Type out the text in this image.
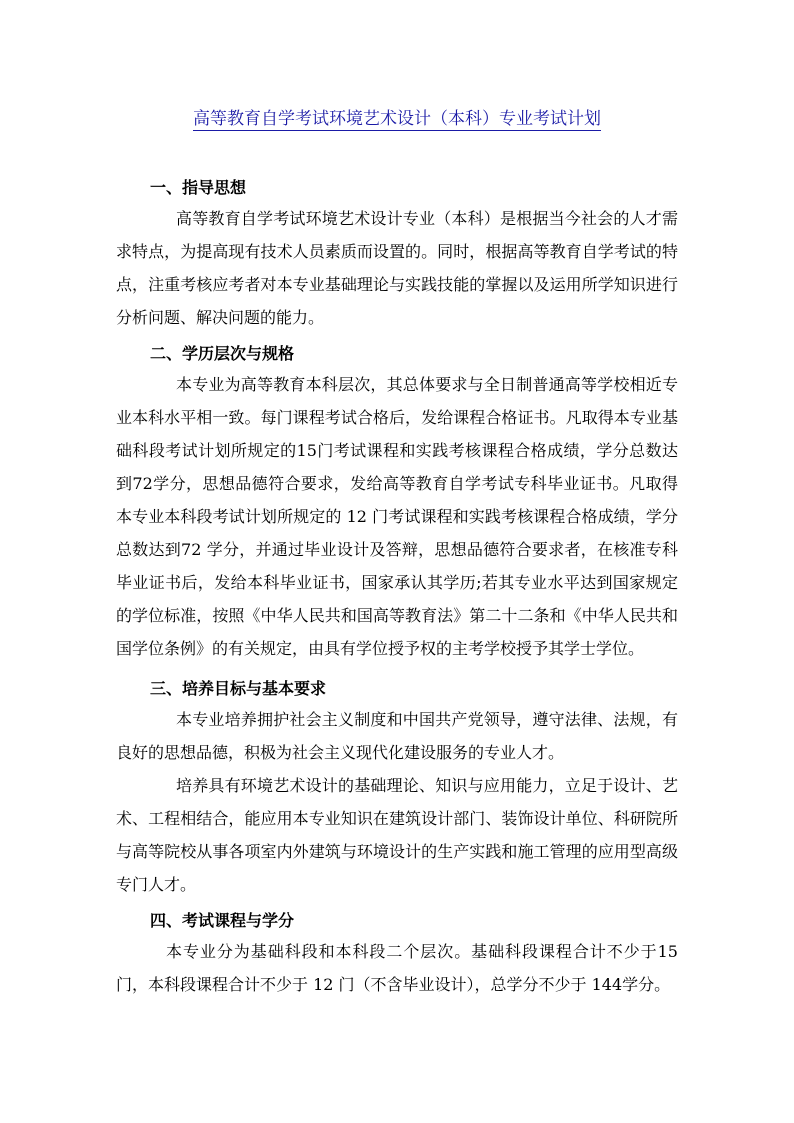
高等教育自学考试环境艺术设计（本科）专业考试计划
一、指导思想

高等教育自学考试环境艺术设计专业（本科）是根据当今社会的人才需求特点，为提高现有技术人员素质而设置的。同时，根据高等教育自学考试的特点，注重考核应考者对本专业基础理论与实践技能的掌握以及运用所学知识进行分析问题、解决问题的能力。

二、学历层次与规格

本专业为高等教育本科层次，其总体要求与全日制普通高等学校相近专业本科水平相一致。每门课程考试合格后，发给课程合格证书。凡取得本专业基础科段考试计划所规定的15门考试课程和实践考核课程合格成绩，学分总数达到72学分，思想品德符合要求，发给高等教育自学考试专科毕业证书。凡取得本专业本科段考试计划所规定的 12 门考试课程和实践考核课程合格成绩，学分总数达到72 学分，并通过毕业设计及答辩，思想品德符合要求者，在核准专科毕业证书后，发给本科毕业证书，国家承认其学历;若其专业水平达到国家规定的学位标准，按照《中华人民共和国高等教育法》第二十二条和《中华人民共和国学位条例》的有关规定，由具有学位授予权的主考学校授予其学士学位。

三、培养目标与基本要求

本专业培养拥护社会主义制度和中国共产党领导，遵守法律、法规，有良好的思想品德，积极为社会主义现代化建设服务的专业人才。

培养具有环境艺术设计的基础理论、知识与应用能力，立足于设计、艺术、工程相结合，能应用本专业知识在建筑设计部门、装饰设计单位、科研院所与高等院校从事各项室内外建筑与环境设计的生产实践和施工管理的应用型高级专门人才。

四、考试课程与学分

本专业分为基础科段和本科段二个层次。基础科段课程合计不少于15门，本科段课程合计不少于 12 门（不含毕业设计），总学分不少于 144学分。
